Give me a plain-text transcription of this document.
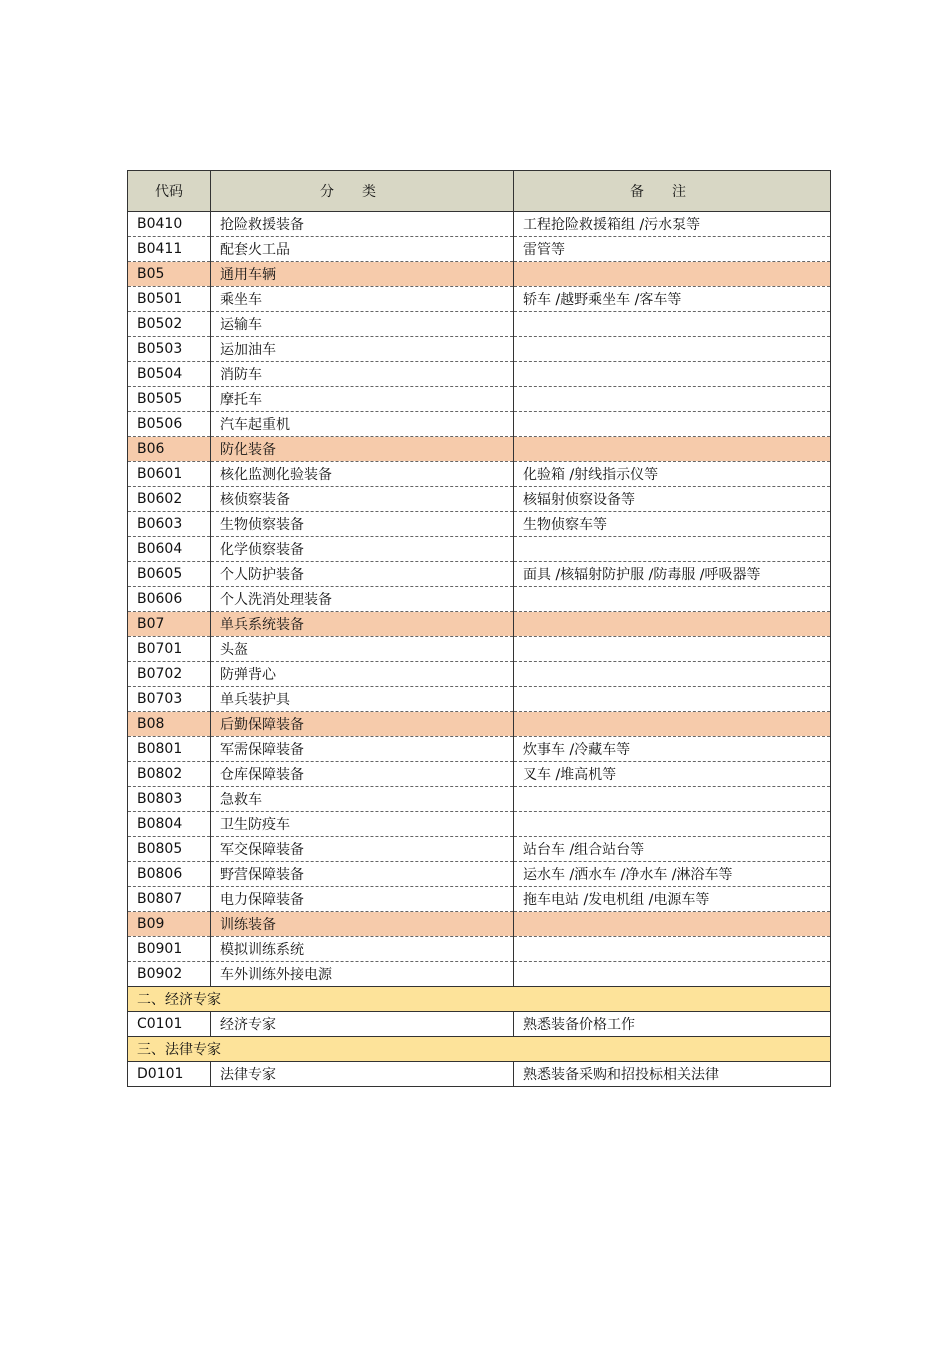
代码	分类	备注
B0410	抢险救援装备	工程抢险救援箱组 /污水泵等
B0411	配套火工品	雷管等
B05	通用车辆	
B0501	乘坐车	轿车 /越野乘坐车 /客车等
B0502	运输车	
B0503	运加油车	
B0504	消防车	
B0505	摩托车	
B0506	汽车起重机	
B06	防化装备	
B0601	核化监测化验装备	化验箱 /射线指示仪等
B0602	核侦察装备	核辐射侦察设备等
B0603	生物侦察装备	生物侦察车等
B0604	化学侦察装备	
B0605	个人防护装备	面具 /核辐射防护服 /防毒服 /呼吸器等
B0606	个人洗消处理装备	
B07	单兵系统装备	
B0701	头盔	
B0702	防弹背心	
B0703	单兵装护具	
B08	后勤保障装备	
B0801	军需保障装备	炊事车 /冷藏车等
B0802	仓库保障装备	叉车 /堆高机等
B0803	急救车	
B0804	卫生防疫车	
B0805	军交保障装备	站台车 /组合站台等
B0806	野营保障装备	运水车 /洒水车 /净水车 /淋浴车等
B0807	电力保障装备	拖车电站 /发电机组 /电源车等
B09	训练装备	
B0901	模拟训练系统	
B0902	车外训练外接电源	
二、经济专家		
C0101	经济专家	熟悉装备价格工作
三、法律专家		
D0101	法律专家	熟悉装备采购和招投标相关法律
